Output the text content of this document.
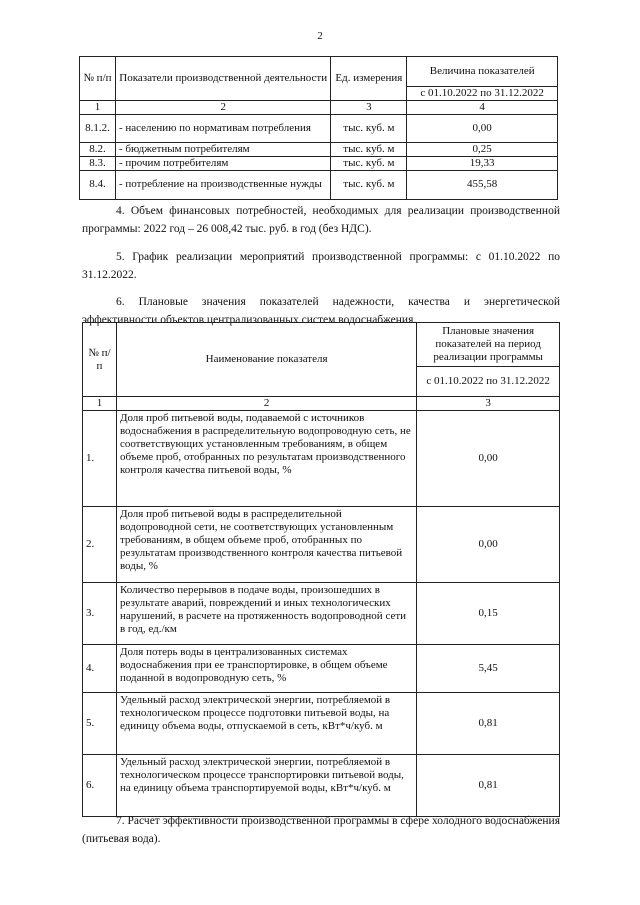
2
№ п/п	Показатели производственной деятельности	Ед. измерения	Величина показателей
			с 01.10.2022 по 31.12.2022
1	2	3	4
8.1.2.	- населению по нормативам потребления	тыс. куб. м	0,00
8.2.	- бюджетным потребителям	тыс. куб. м	0,25
8.3.	- прочим потребителям	тыс. куб. м	19,33
8.4.	- потребление на производственные нужды	тыс. куб. м	455,58

4. Объем финансовых потребностей, необходимых для реализации производственной программы: 2022 год – 26 008,42 тыс. руб. в год (без НДС).

5. График реализации мероприятий производственной программы: с 01.10.2022 по 31.12.2022.

6. Плановые значения показателей надежности, качества и энергетической эффективности объектов централизованных систем водоснабжения.

№ п/п	Наименование показателя	Плановые значения показателей на период реализации программы
		с 01.10.2022 по 31.12.2022
1	2	3
1.	Доля проб питьевой воды, подаваемой с источников водоснабжения в распределительную водопроводную сеть, не соответствующих установленным требованиям, в общем объеме проб, отобранных по результатам производственного контроля качества питьевой воды, %	0,00
2.	Доля проб питьевой воды в распределительной водопроводной сети, не соответствующих установленным требованиям, в общем объеме проб, отобранных по результатам производственного контроля качества питьевой воды, %	0,00
3.	Количество перерывов в подаче воды, произошедших в результате аварий, повреждений и иных технологических нарушений, в расчете на протяженность водопроводной сети в год, ед./км	0,15
4.	Доля потерь воды в централизованных системах водоснабжения при ее транспортировке, в общем объеме поданной в водопроводную сеть, %	5,45
5.	Удельный расход электрической энергии, потребляемой в технологическом процессе подготовки питьевой воды, на единицу объема воды, отпускаемой в сеть, кВт*ч/куб. м	0,81
6.	Удельный расход электрической энергии, потребляемой в технологическом процессе транспортировки питьевой воды, на единицу объема транспортируемой воды, кВт*ч/куб. м	0,81

7. Расчет эффективности производственной программы в сфере холодного водоснабжения (питьевая вода).
